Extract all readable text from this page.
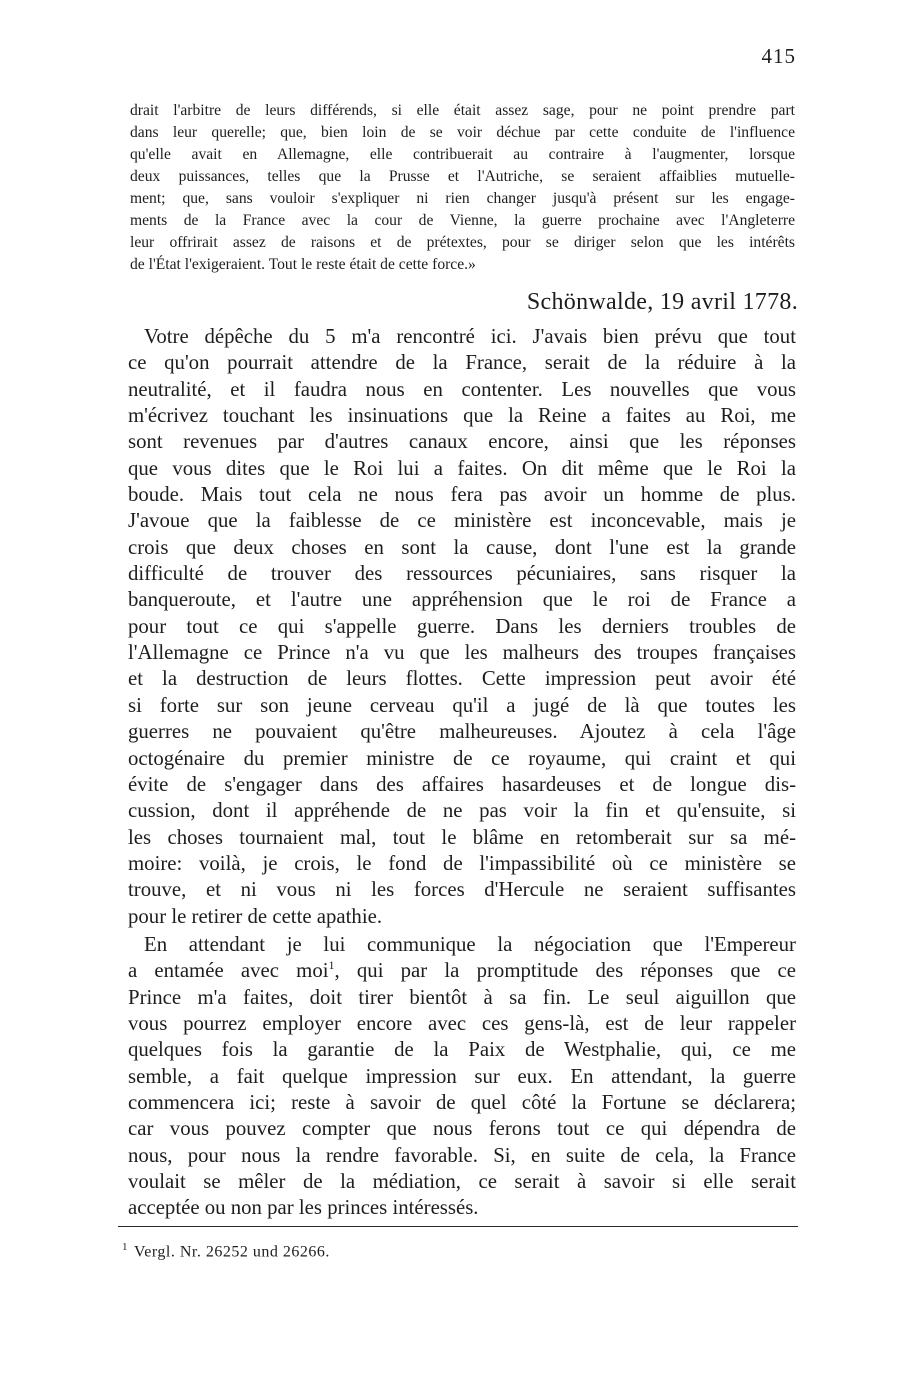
415
drait l'arbitre de leurs différends, si elle était assez sage, pour ne point prendre part
dans leur querelle; que, bien loin de se voir déchue par cette conduite de l'influence
qu'elle avait en Allemagne, elle contribuerait au contraire à l'augmenter, lorsque
deux puissances, telles que la Prusse et l'Autriche, se seraient affaiblies mutuelle-
ment; que, sans vouloir s'expliquer ni rien changer jusqu'à présent sur les engage-
ments de la France avec la cour de Vienne, la guerre prochaine avec l'Angleterre
leur offrirait assez de raisons et de prétextes, pour se diriger selon que les intérêts
de l'État l'exigeraient. Tout le reste était de cette force.»
Schönwalde, 19 avril 1778.
Votre dépêche du 5 m'a rencontré ici. J'avais bien prévu que tout
ce qu'on pourrait attendre de la France, serait de la réduire à la
neutralité, et il faudra nous en contenter. Les nouvelles que vous
m'écrivez touchant les insinuations que la Reine a faites au Roi, me
sont revenues par d'autres canaux encore, ainsi que les réponses
que vous dites que le Roi lui a faites. On dit même que le Roi la
boude. Mais tout cela ne nous fera pas avoir un homme de plus.
J'avoue que la faiblesse de ce ministère est inconcevable, mais je
crois que deux choses en sont la cause, dont l'une est la grande
difficulté de trouver des ressources pécuniaires, sans risquer la
banqueroute, et l'autre une appréhension que le roi de France a
pour tout ce qui s'appelle guerre. Dans les derniers troubles de
l'Allemagne ce Prince n'a vu que les malheurs des troupes françaises
et la destruction de leurs flottes. Cette impression peut avoir été
si forte sur son jeune cerveau qu'il a jugé de là que toutes les
guerres ne pouvaient qu'être malheureuses. Ajoutez à cela l'âge
octogénaire du premier ministre de ce royaume, qui craint et qui
évite de s'engager dans des affaires hasardeuses et de longue dis-
cussion, dont il appréhende de ne pas voir la fin et qu'ensuite, si
les choses tournaient mal, tout le blâme en retomberait sur sa mé-
moire: voilà, je crois, le fond de l'impassibilité où ce ministère se
trouve, et ni vous ni les forces d'Hercule ne seraient suffisantes
pour le retirer de cette apathie.
En attendant je lui communique la négociation que l'Empereur
a entamée avec moi$^1$, qui par la promptitude des réponses que ce
Prince m'a faites, doit tirer bientôt à sa fin. Le seul aiguillon que
vous pourrez employer encore avec ces gens-là, est de leur rappeler
quelques fois la garantie de la Paix de Westphalie, qui, ce me
semble, a fait quelque impression sur eux. En attendant, la guerre
commencera ici; reste à savoir de quel côté la Fortune se déclarera;
car vous pouvez compter que nous ferons tout ce qui dépendra de
nous, pour nous la rendre favorable. Si, en suite de cela, la France
voulait se mêler de la médiation, ce serait à savoir si elle serait
acceptée ou non par les princes intéressés.
$^1$ Vergl. Nr. 26252 und 26266.
